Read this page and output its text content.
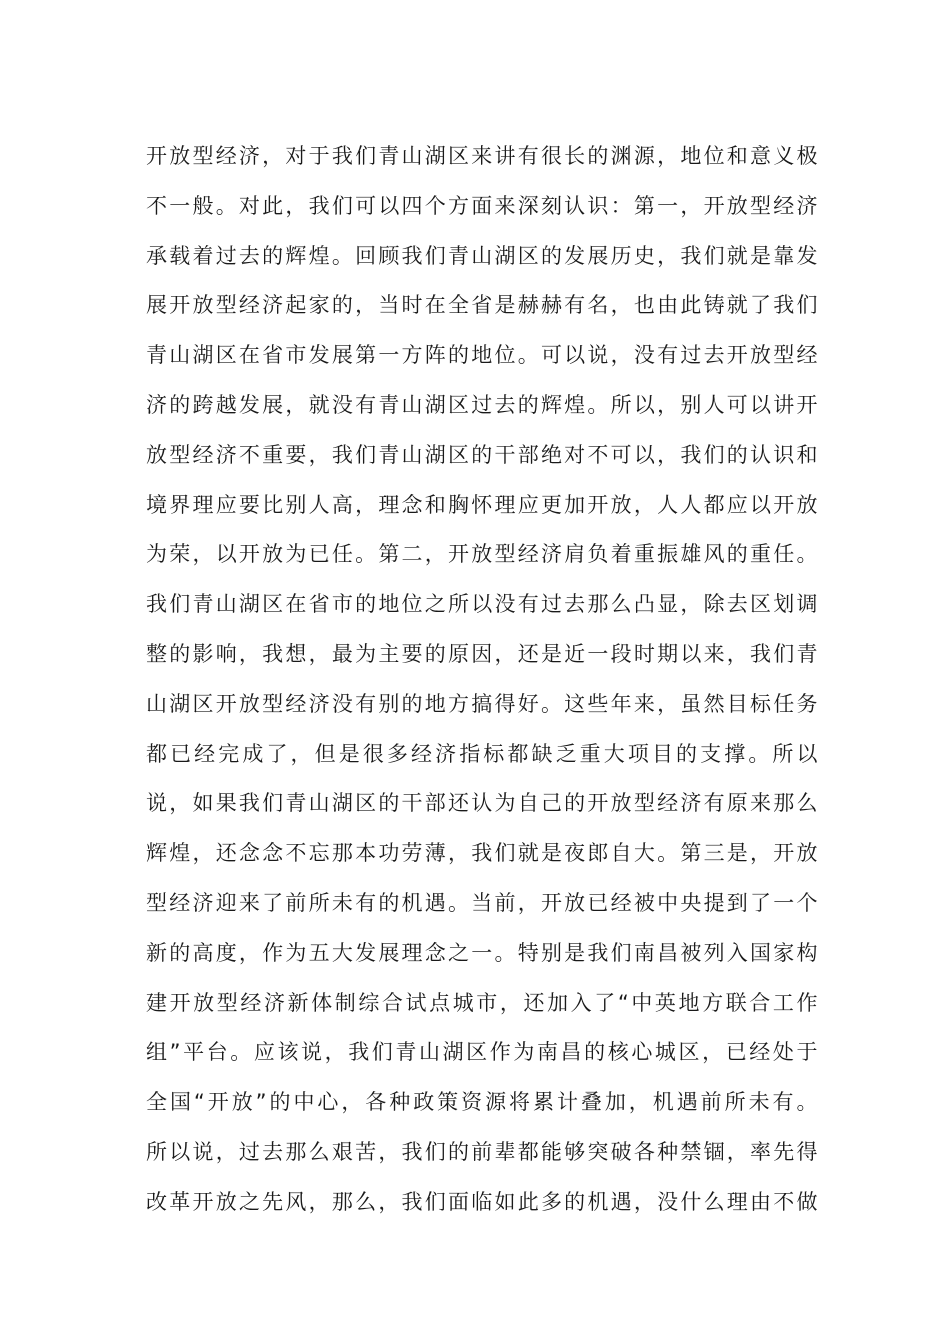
开放型经济，对于我们青山湖区来讲有很长的渊源，地位和意义极
不一般。对此，我们可以四个方面来深刻认识：第一，开放型经济
承载着过去的辉煌。回顾我们青山湖区的发展历史，我们就是靠发
展开放型经济起家的，当时在全省是赫赫有名，也由此铸就了我们
青山湖区在省市发展第一方阵的地位。可以说，没有过去开放型经
济的跨越发展，就没有青山湖区过去的辉煌。所以，别人可以讲开
放型经济不重要，我们青山湖区的干部绝对不可以，我们的认识和
境界理应要比别人高，理念和胸怀理应更加开放，人人都应以开放
为荣，以开放为已任。第二，开放型经济肩负着重振雄风的重任。
我们青山湖区在省市的地位之所以没有过去那么凸显，除去区划调
整的影响，我想，最为主要的原因，还是近一段时期以来，我们青
山湖区开放型经济没有别的地方搞得好。这些年来，虽然目标任务
都已经完成了，但是很多经济指标都缺乏重大项目的支撑。所以
说，如果我们青山湖区的干部还认为自己的开放型经济有原来那么
辉煌，还念念不忘那本功劳薄，我们就是夜郎自大。第三是，开放
型经济迎来了前所未有的机遇。当前，开放已经被中央提到了一个
新的高度，作为五大发展理念之一。特别是我们南昌被列入国家构
建开放型经济新体制综合试点城市，还加入了“中英地方联合工作
组”平台。应该说，我们青山湖区作为南昌的核心城区，已经处于
全国“开放”的中心，各种政策资源将累计叠加，机遇前所未有。
所以说，过去那么艰苦，我们的前辈都能够突破各种禁锢，率先得
改革开放之先风，那么，我们面临如此多的机遇，没什么理由不做
